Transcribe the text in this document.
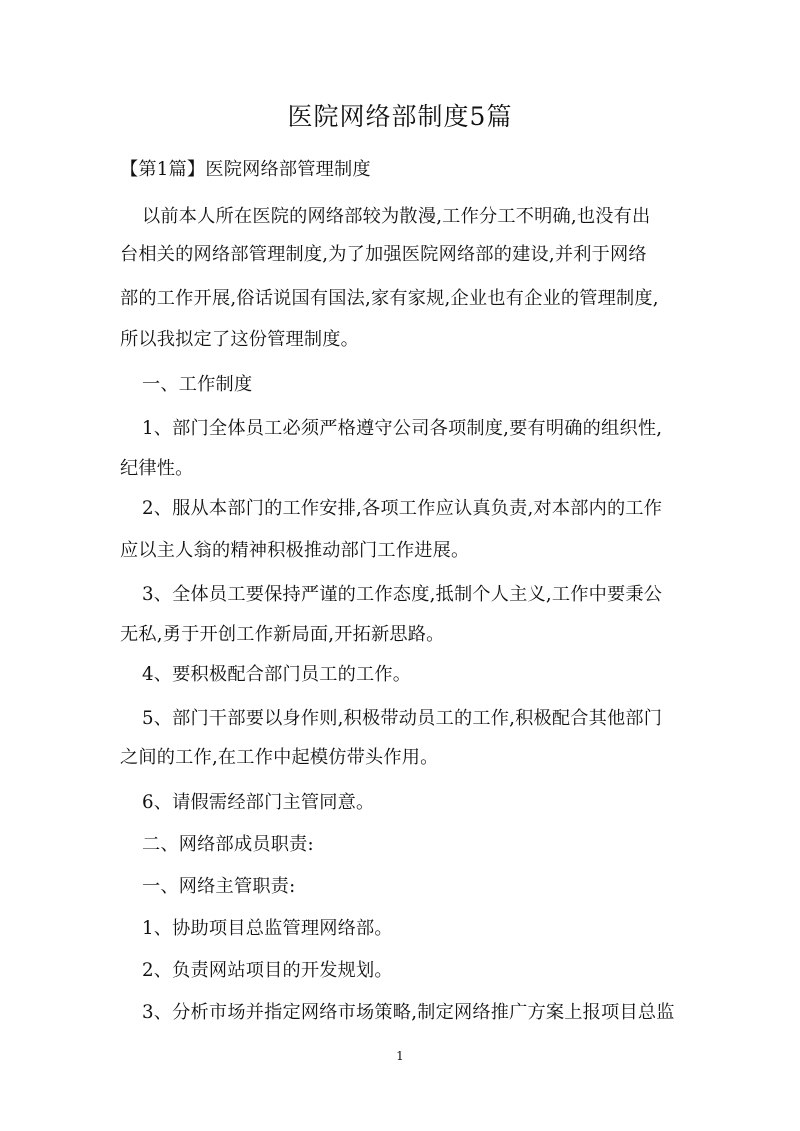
医院网络部制度5篇
【第1篇】医院网络部管理制度
以前本人所在医院的网络部较为散漫,工作分工不明确,也没有出
台相关的网络部管理制度,为了加强医院网络部的建设,并利于网络
部的工作开展,俗话说国有国法,家有家规,企业也有企业的管理制度,
所以我拟定了这份管理制度。
一、工作制度
1、部门全体员工必须严格遵守公司各项制度,要有明确的组织性,
纪律性。
2、服从本部门的工作安排,各项工作应认真负责,对本部内的工作
应以主人翁的精神积极推动部门工作进展。
3、全体员工要保持严谨的工作态度,抵制个人主义,工作中要秉公
无私,勇于开创工作新局面,开拓新思路。
4、要积极配合部门员工的工作。
5、部门干部要以身作则,积极带动员工的工作,积极配合其他部门
之间的工作,在工作中起模仿带头作用。
6、请假需经部门主管同意。
二、网络部成员职责:
一、网络主管职责:
1、协助项目总监管理网络部。
2、负责网站项目的开发规划。
3、分析市场并指定网络市场策略,制定网络推广方案上报项目总监
1
